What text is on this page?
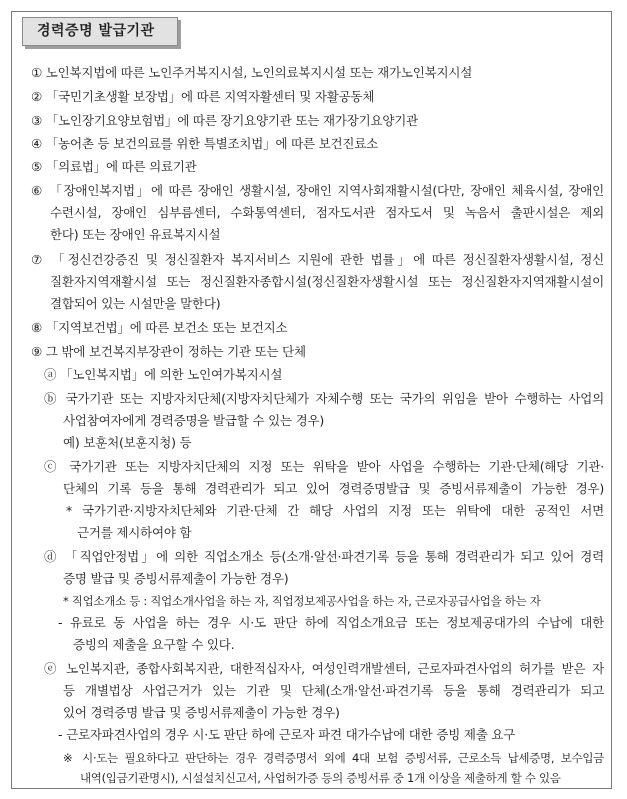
경력증명 발급기관
① 노인복지법에 따른 노인주거복지시설, 노인의료복지시설 또는 재가노인복지시설
② 「국민기초생활 보장법」에 따른 지역자활센터 및 자활공동체
③ 「노인장기요양보험법」에 따른 장기요양기관 또는 재가장기요양기관
④ 「농어촌 등 보건의료를 위한 특별조치법」에 따른 보건진료소
⑤ 「의료법」에 따른 의료기관
⑥ 「장애인복지법」에 따른 장애인 생활시설, 장애인 지역사회재활시설(다만, 장애인 체육시설, 장애인
수련시설, 장애인 심부름센터, 수화통역센터, 점자도서관 점자도서 및 녹음서 출판시설은 제외
한다) 또는 장애인 유료복지시설
⑦ 「정신건강증진 및 정신질환자 복지서비스 지원에 관한 법률」에 따른 정신질환자생활시설, 정신
질환자지역재활시설 또는 정신질환자종합시설(정신질환자생활시설 또는 정신질환자지역재활시설이
결합되어 있는 시설만을 말한다)
⑧ 「지역보건법」에 따른 보건소 또는 보건지소
⑨ 그 밖에 보건복지부장관이 정하는 기관 또는 단체
ⓐ 「노인복지법」에 의한 노인여가복지시설
ⓑ 국가기관 또는 지방자치단체(지방자치단체가 자체수행 또는 국가의 위임을 받아 수행하는 사업의
사업참여자에게 경력증명을 발급할 수 있는 경우)
예) 보훈처(보훈지청) 등
ⓒ 국가기관 또는 지방자치단체의 지정 또는 위탁을 받아 사업을 수행하는 기관·단체(해당 기관·
단체의 기록 등을 통해 경력관리가 되고 있어 경력증명발급 및 증빙서류제출이 가능한 경우)
* 국가기관·지방자치단체와 기관·단체 간 해당 사업의 지정 또는 위탁에 대한 공적인 서면
근거를 제시하여야 함
ⓓ 「직업안정법」에 의한 직업소개소 등(소개·알선·파견기록 등을 통해 경력관리가 되고 있어 경력
증명 발급 및 증빙서류제출이 가능한 경우)
* 직업소개소 등 : 직업소개사업을 하는 자, 직업정보제공사업을 하는 자, 근로자공급사업을 하는 자
- 유료로 동 사업을 하는 경우 시·도 판단 하에 직업소개요금 또는 정보제공대가의 수납에 대한
증빙의 제출을 요구할 수 있다.
ⓔ 노인복지관, 종합사회복지관, 대한적십자사, 여성인력개발센터, 근로자파견사업의 허가를 받은 자
등 개별법상 사업근거가 있는 기관 및 단체(소개·알선·파견기록 등을 통해 경력관리가 되고
있어 경력증명 발급 및 증빙서류제출이 가능한 경우)
- 근로자파견사업의 경우 시·도 판단 하에 근로자 파견 대가수납에 대한 증빙 제출 요구
※ 시·도는 필요하다고 판단하는 경우 경력증명서 외에 4대 보험 증빙서류, 근로소득 납세증명, 보수입금
내역(입금기관명시), 시설설치신고서, 사업허가증 등의 증빙서류 중 1개 이상을 제출하게 할 수 있음
